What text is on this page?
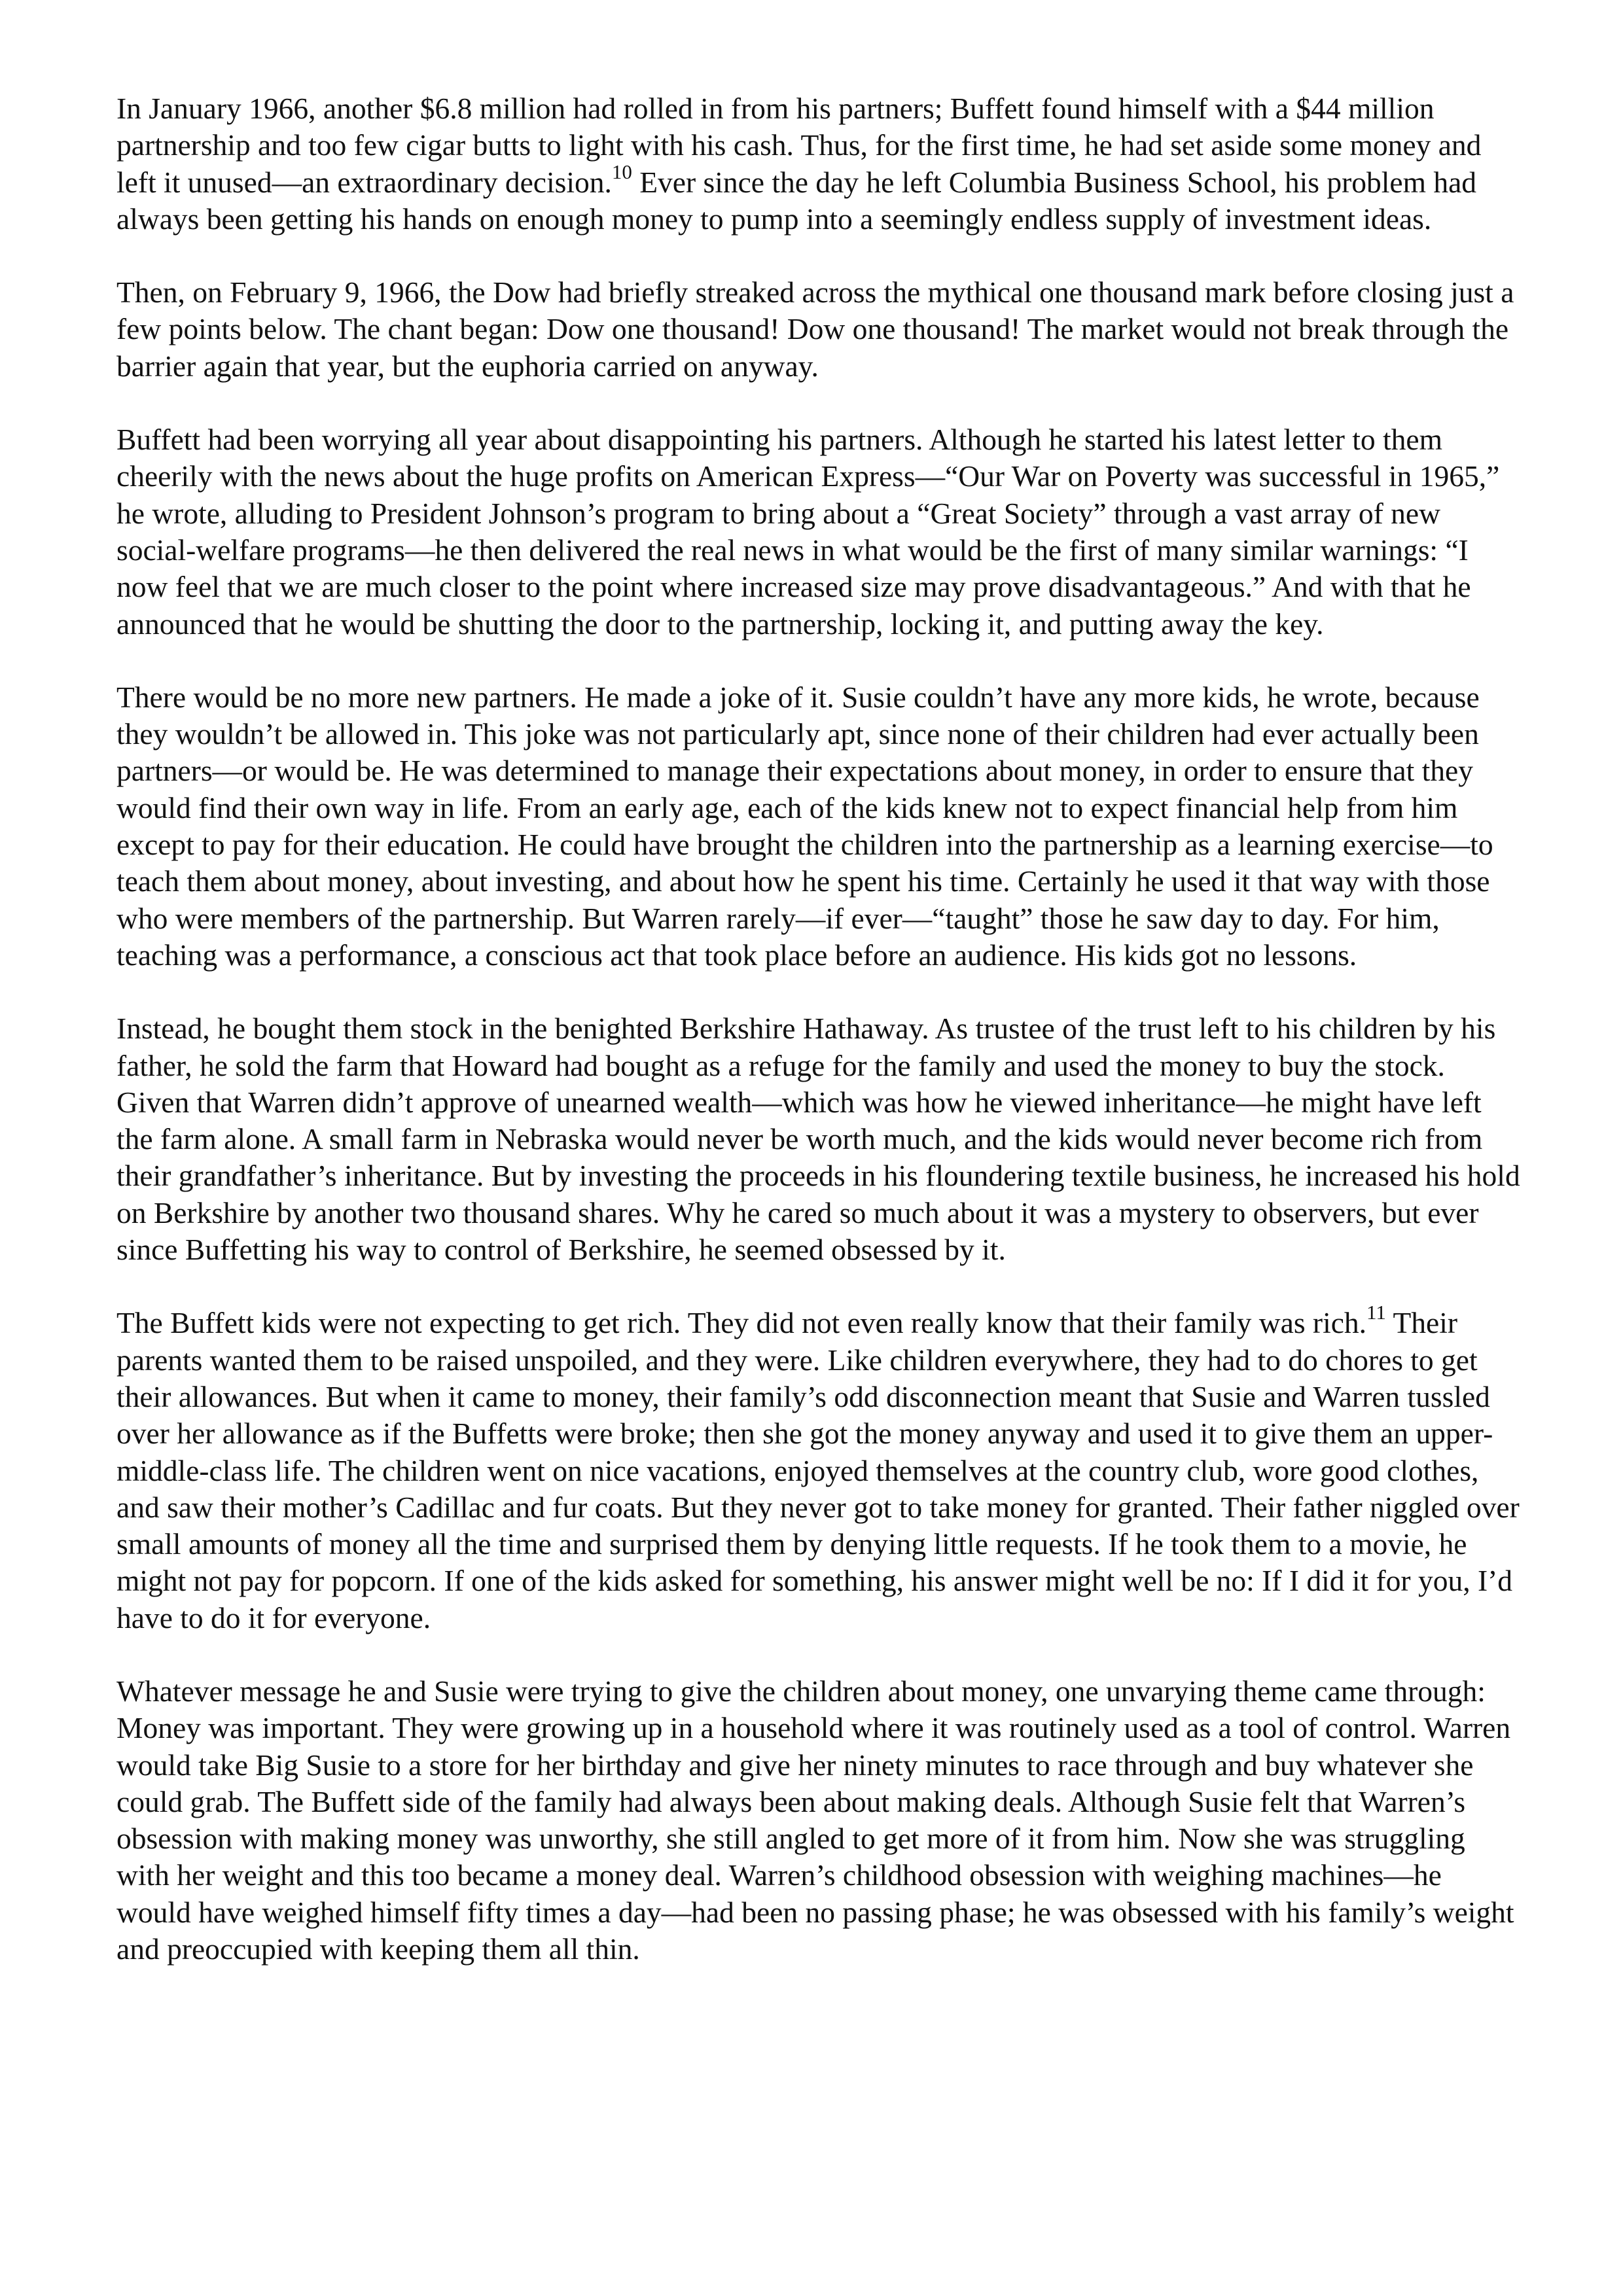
In January 1966, another $6.8 million had rolled in from his partners; Buffett found himself with a $44 million partnership and too few cigar butts to light with his cash. Thus, for the first time, he had set aside some money and left it unused—an extraordinary decision.$^{10}$ Ever since the day he left Columbia Business School, his problem had always been getting his hands on enough money to pump into a seemingly endless supply of investment ideas.

Then, on February 9, 1966, the Dow had briefly streaked across the mythical one thousand mark before closing just a few points below. The chant began: Dow one thousand! Dow one thousand! The market would not break through the barrier again that year, but the euphoria carried on anyway.

Buffett had been worrying all year about disappointing his partners. Although he started his latest letter to them cheerily with the news about the huge profits on American Express—“Our War on Poverty was successful in 1965,” he wrote, alluding to President Johnson’s program to bring about a “Great Society” through a vast array of new social-welfare programs—he then delivered the real news in what would be the first of many similar warnings: “I now feel that we are much closer to the point where increased size may prove disadvantageous.” And with that he announced that he would be shutting the door to the partnership, locking it, and putting away the key.

There would be no more new partners. He made a joke of it. Susie couldn’t have any more kids, he wrote, because they wouldn’t be allowed in. This joke was not particularly apt, since none of their children had ever actually been partners—or would be. He was determined to manage their expectations about money, in order to ensure that they would find their own way in life. From an early age, each of the kids knew not to expect financial help from him except to pay for their education. He could have brought the children into the partnership as a learning exercise—to teach them about money, about investing, and about how he spent his time. Certainly he used it that way with those who were members of the partnership. But Warren rarely—if ever—“taught” those he saw day to day. For him, teaching was a performance, a conscious act that took place before an audience. His kids got no lessons.

Instead, he bought them stock in the benighted Berkshire Hathaway. As trustee of the trust left to his children by his father, he sold the farm that Howard had bought as a refuge for the family and used the money to buy the stock. Given that Warren didn’t approve of unearned wealth—which was how he viewed inheritance—he might have left the farm alone. A small farm in Nebraska would never be worth much, and the kids would never become rich from their grandfather’s inheritance. But by investing the proceeds in his floundering textile business, he increased his hold on Berkshire by another two thousand shares. Why he cared so much about it was a mystery to observers, but ever since Buffetting his way to control of Berkshire, he seemed obsessed by it.

The Buffett kids were not expecting to get rich. They did not even really know that their family was rich.$^{11}$ Their parents wanted them to be raised unspoiled, and they were. Like children everywhere, they had to do chores to get their allowances. But when it came to money, their family’s odd disconnection meant that Susie and Warren tussled over her allowance as if the Buffetts were broke; then she got the money anyway and used it to give them an upper-middle-class life. The children went on nice vacations, enjoyed themselves at the country club, wore good clothes, and saw their mother’s Cadillac and fur coats. But they never got to take money for granted. Their father niggled over small amounts of money all the time and surprised them by denying little requests. If he took them to a movie, he might not pay for popcorn. If one of the kids asked for something, his answer might well be no: If I did it for you, I’d have to do it for everyone.

Whatever message he and Susie were trying to give the children about money, one unvarying theme came through: Money was important. They were growing up in a household where it was routinely used as a tool of control. Warren would take Big Susie to a store for her birthday and give her ninety minutes to race through and buy whatever she could grab. The Buffett side of the family had always been about making deals. Although Susie felt that Warren’s obsession with making money was unworthy, she still angled to get more of it from him. Now she was struggling with her weight and this too became a money deal. Warren’s childhood obsession with weighing machines—he would have weighed himself fifty times a day—had been no passing phase; he was obsessed with his family’s weight and preoccupied with keeping them all thin.
